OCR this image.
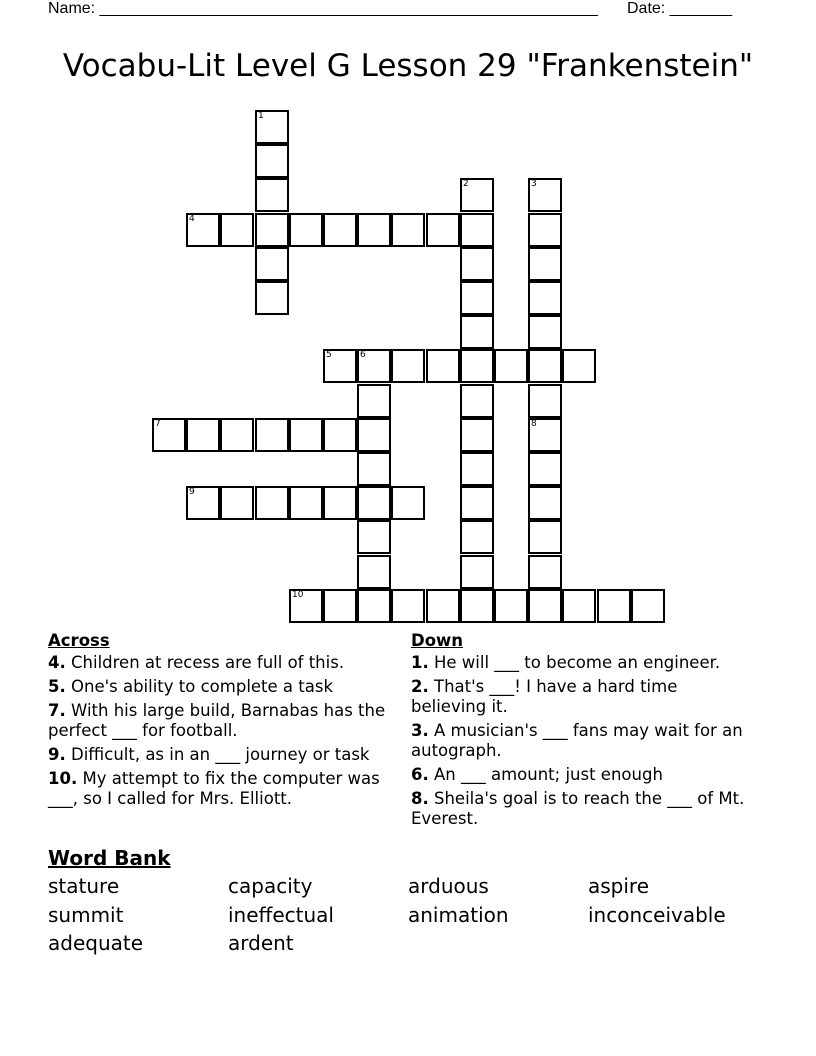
Name: ________________________________________________________ Date: _______
Vocabu-Lit Level G Lesson 29 "Frankenstein"
1
2	3
4
5	6
7	8
9
10
Across
4. Children at recess are full of this.
5. One's ability to complete a task
7. With his large build, Barnabas has the perfect ___ for football.
9. Difficult, as in an ___ journey or task
10. My attempt to fix the computer was ___, so I called for Mrs. Elliott.
Down
1. He will ___ to become an engineer.
2. That's ___! I have a hard time believing it.
3. A musician's ___ fans may wait for an autograph.
6. An ___ amount; just enough
8. Sheila's goal is to reach the ___ of Mt. Everest.
Word Bank
stature	capacity	arduous	aspire
summit	ineffectual	animation	inconceivable
adequate	ardent
